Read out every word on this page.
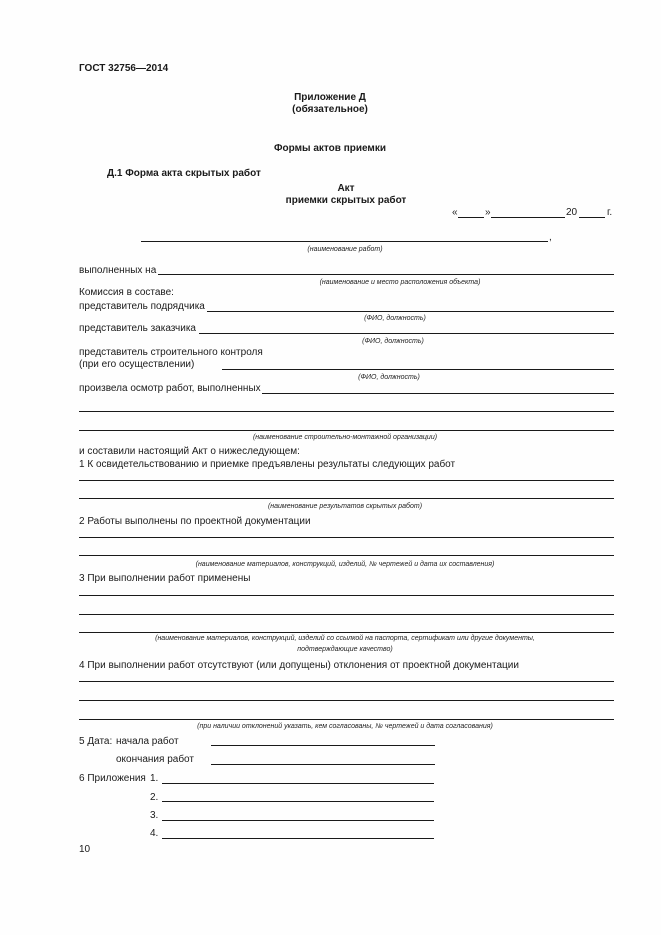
ГОСТ 32756—2014
Приложение Д
(обязательное)
Формы актов приемки
Д.1 Форма акта скрытых работ
Акт
приемки скрытых работ
«	»	20	г.
,
(наименование работ)
выполненных на
(наименование и место расположения объекта)
Комиссия в составе:
представитель подрядчика
(ФИО, должность)
представитель заказчика
(ФИО, должность)
представитель строительного контроля
(при его осуществлении)
(ФИО, должность)
произвела осмотр работ, выполненных
(наименование строительно-монтажной организации)
и составили настоящий Акт о нижеследующем:
1 К освидетельствованию и приемке предъявлены результаты следующих работ
(наименование результатов скрытых работ)
2 Работы выполнены по проектной документации
(наименование материалов, конструкций, изделий, № чертежей и дата их составления)
3 При выполнении работ применены
(наименование материалов, конструкций, изделий со ссылкой на паспорта, сертификат или другие документы,
подтверждающие качество)
4 При выполнении работ отсутствуют (или допущены) отклонения от проектной документации
(при наличии отклонений указать, кем согласованы, № чертежей и дата согласования)
5 Дата: начала работ
окончания работ
6 Приложения 1.
2.
3.
4.
10
